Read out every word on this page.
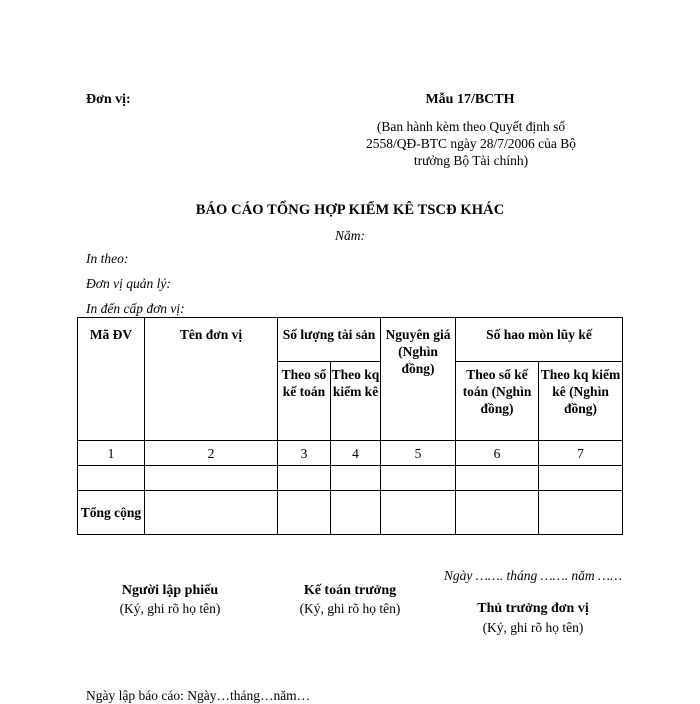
Đơn vị:	Mẫu 17/BCTH
(Ban hành kèm theo Quyết định số 2558/QĐ-BTC ngày 28/7/2006 của Bộ trưởng Bộ Tài chính)
BÁO CÁO TỔNG HỢP KIỂM KÊ TSCĐ KHÁC
Năm:
In theo:
Đơn vị quản lý:
In đến cấp đơn vị:
Mã ĐV	Tên đơn vị	Số lượng tài sản		Nguyên giá (Nghìn đồng)	Số hao mòn lũy kế	
		Theo sổ kế toán	Theo kq kiểm kê		Theo sổ kế toán (Nghìn đồng)	Theo kq kiểm kê (Nghìn đồng)
1	2	3	4	5	6	7

Tổng cộng						
Người lập phiếu
(Ký, ghi rõ họ tên)
Kế toán trưởng
(Ký, ghi rõ họ tên)
Ngày ……. tháng ……. năm ……
Thủ trưởng đơn vị
(Ký, ghi rõ họ tên)
Ngày lập báo cáo: Ngày…tháng…năm…
